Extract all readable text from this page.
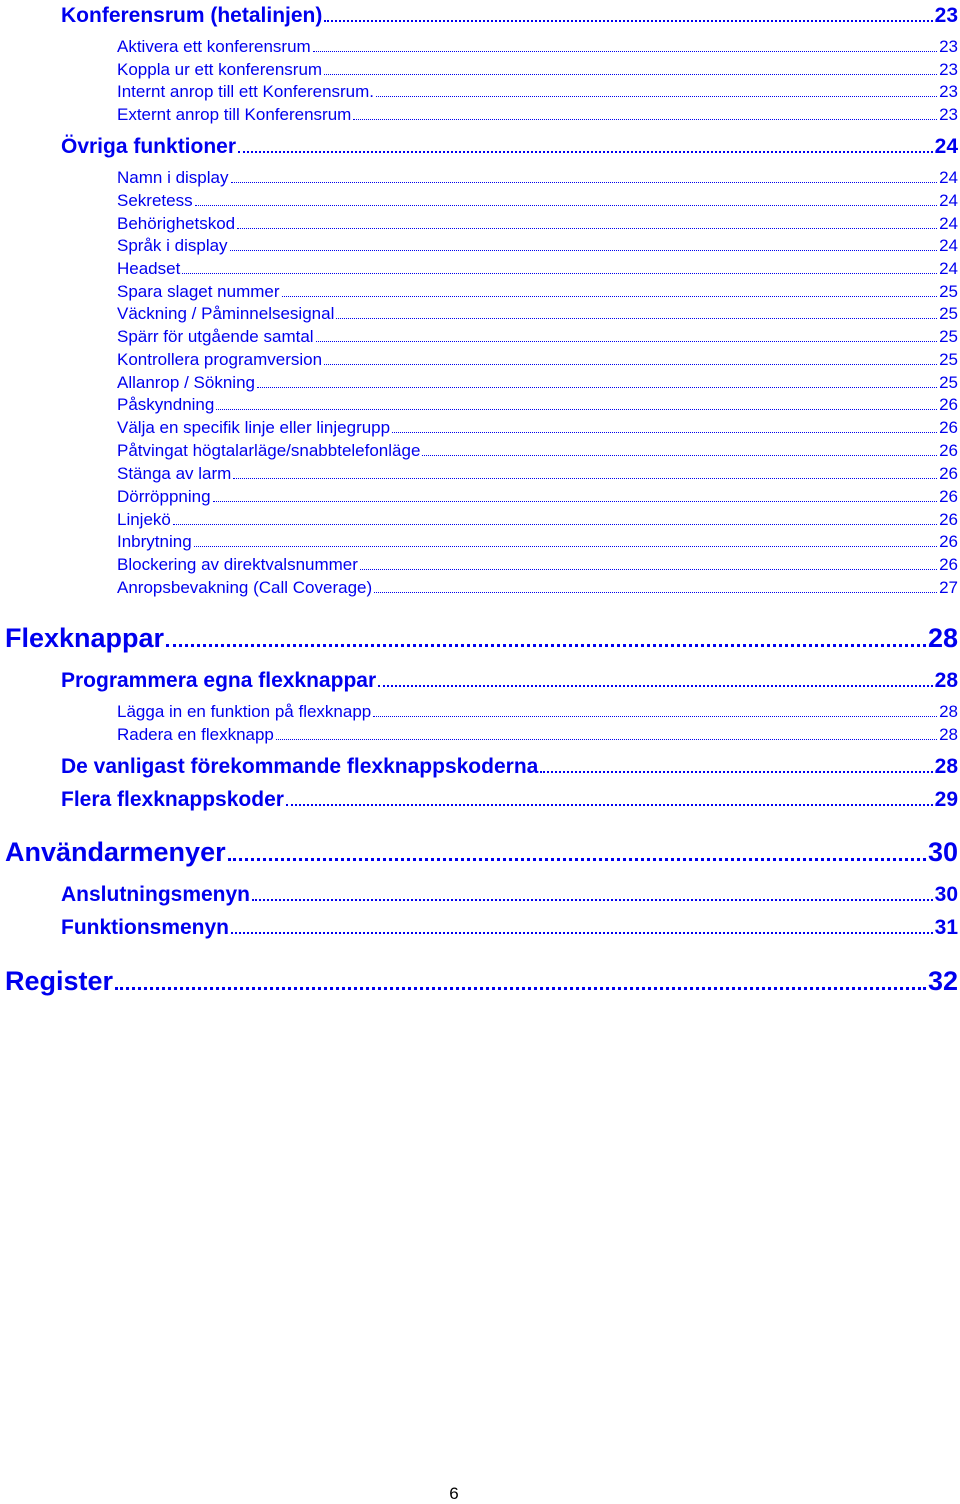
Konferensrum (hetalinjen)	23
Aktivera ett konferensrum	23
Koppla ur ett konferensrum	23
Internt anrop till ett Konferensrum.	23
Externt anrop till Konferensrum	23
Övriga funktioner	24
Namn i display	24
Sekretess	24
Behörighetskod	24
Språk i display	24
Headset	24
Spara slaget nummer	25
Väckning / Påminnelsesignal	25
Spärr för utgående samtal	25
Kontrollera programversion	25
Allanrop / Sökning	25
Påskyndning	26
Välja en specifik linje eller linjegrupp	26
Påtvingat högtalarläge/snabbtelefonläge	26
Stänga av larm	26
Dörröppning	26
Linjekö	26
Inbrytning	26
Blockering av direktvalsnummer	26
Anropsbevakning (Call Coverage)	27
Flexknappar	28
Programmera egna flexknappar	28
Lägga in en funktion på flexknapp	28
Radera en flexknapp	28
De vanligast förekommande flexknappskoderna	28
Flera flexknappskoder	29
Användarmenyer	30
Anslutningsmenyn	30
Funktionsmenyn	31
Register	32
6
